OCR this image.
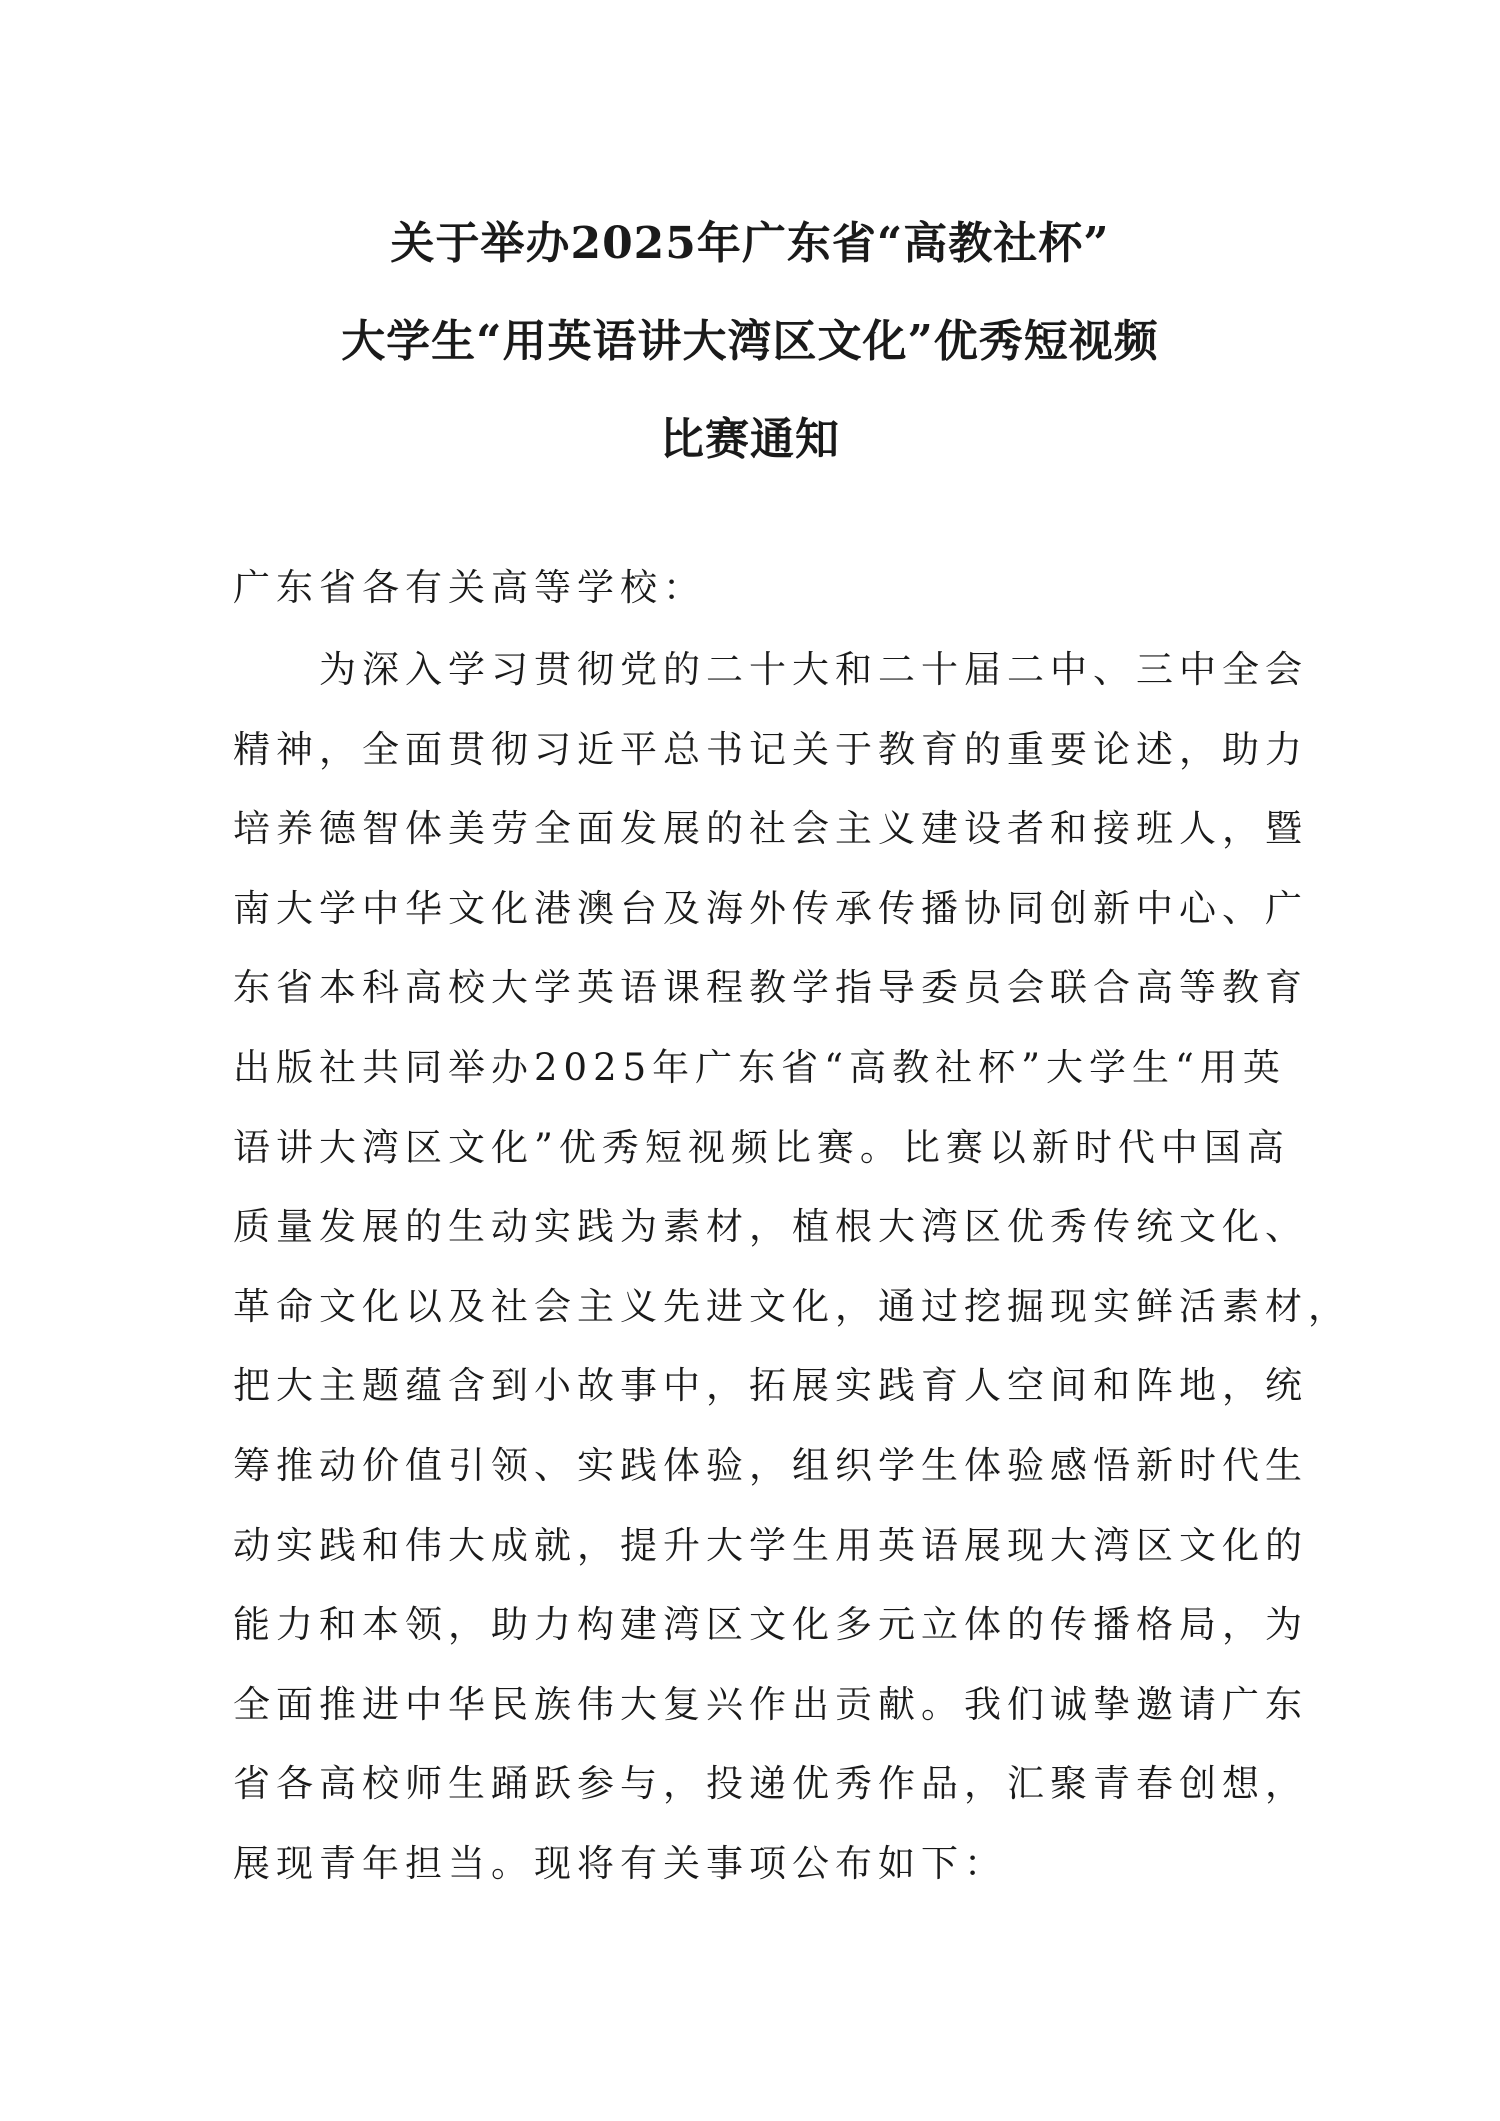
关于举办2025年广东省“高教社杯”
大学生“用英语讲大湾区文化”优秀短视频
比赛通知
广东省各有关高等学校：
为深入学习贯彻党的二十大和二十届二中、三中全会
精神，全面贯彻习近平总书记关于教育的重要论述，助力
培养德智体美劳全面发展的社会主义建设者和接班人，暨
南大学中华文化港澳台及海外传承传播协同创新中心、广
东省本科高校大学英语课程教学指导委员会联合高等教育
出版社共同举办2025年广东省“高教社杯”大学生“用英
语讲大湾区文化”优秀短视频比赛。比赛以新时代中国高
质量发展的生动实践为素材，植根大湾区优秀传统文化、
革命文化以及社会主义先进文化，通过挖掘现实鲜活素材，
把大主题蕴含到小故事中，拓展实践育人空间和阵地，统
筹推动价值引领、实践体验，组织学生体验感悟新时代生
动实践和伟大成就，提升大学生用英语展现大湾区文化的
能力和本领，助力构建湾区文化多元立体的传播格局，为
全面推进中华民族伟大复兴作出贡献。我们诚挚邀请广东
省各高校师生踊跃参与，投递优秀作品，汇聚青春创想，
展现青年担当。现将有关事项公布如下：
